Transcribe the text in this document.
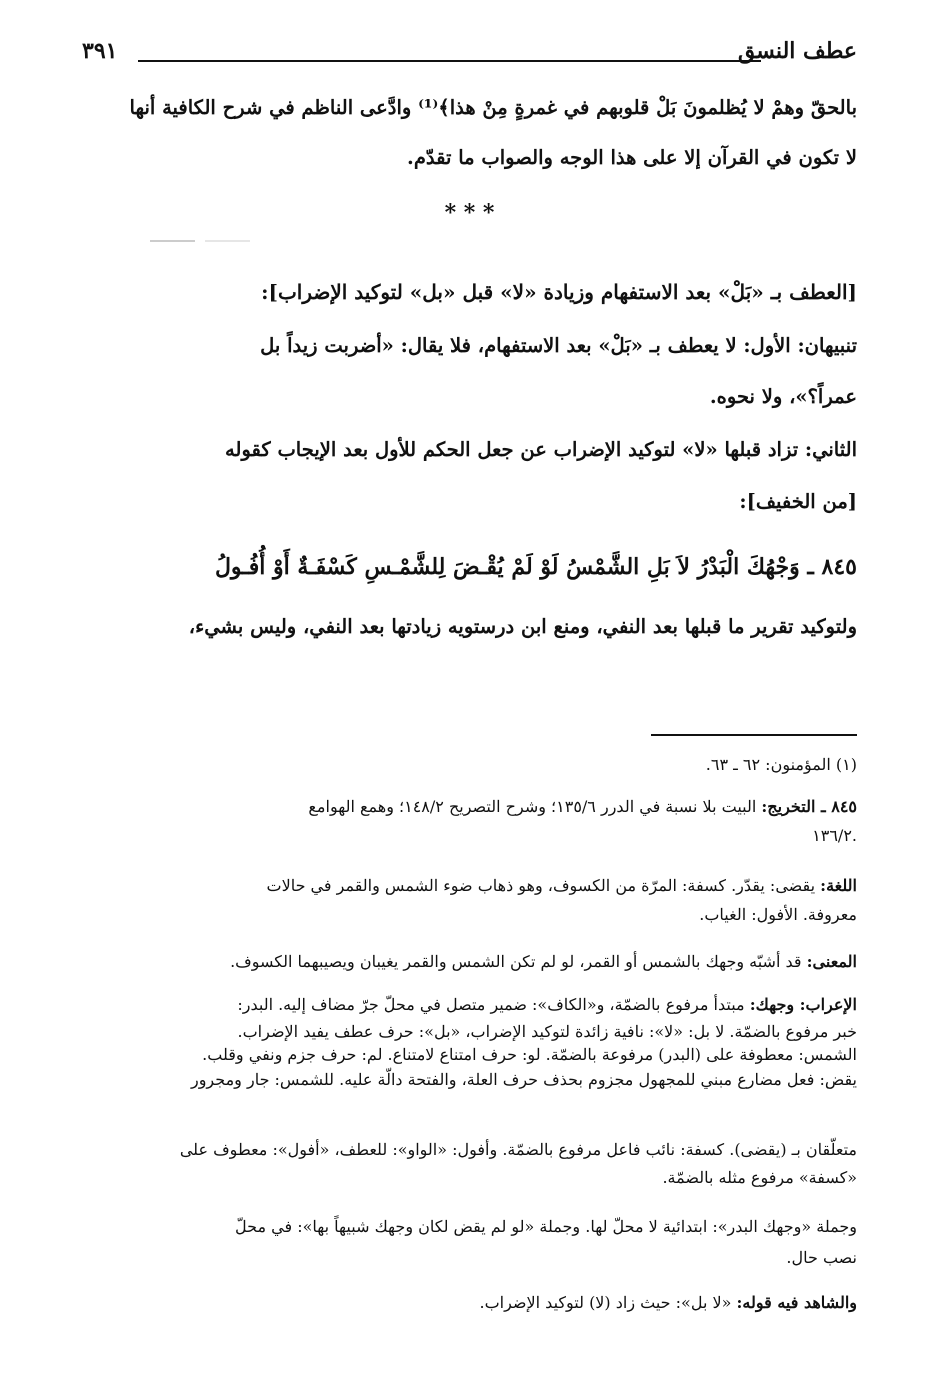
عطف النسق
٣٩١
بالحقّ وهمْ لا يُظلمونَ بَلْ قلوبهم في غمرةٍ مِنْ هذا﴾⁽¹⁾ وادَّعى الناظم في شرح الكافية أنها
لا تكون في القرآن إلا على هذا الوجه والصواب ما تقدّم.
* * *
[العطف بـ «بَلْ» بعد الاستفهام وزيادة «لا» قبل «بل» لتوكيد الإضراب]:
تنبيهان: الأول: لا يعطف بـ «بَلْ» بعد الاستفهام، فلا يقال: «أضربت زيداً بل
عمراً؟»، ولا نحوه.
الثاني: تزاد قبلها «لا» لتوكيد الإضراب عن جعل الحكم للأول بعد الإيجاب كقوله
[من الخفيف]:
٨٤٥ ـ وَجْهُكَ الْبَدْرُ لاَ بَلِ الشَّمْسُ لَوْ لَمْ يُقْـضَ لِلشَّمْـسِ كَسْفَـةٌ أَوْ أُفُـولُ
ولتوكيد تقرير ما قبلها بعد النفي، ومنع ابن درستويه زيادتها بعد النفي، وليس بشيء،
(١) المؤمنون: ٦٢ ـ ٦٣.
٨٤٥ ـ التخريج: البيت بلا نسبة في الدرر ١٣٥/٦؛ وشرح التصريح ١٤٨/٢؛ وهمع الهوامع
١٣٦/٢.
اللغة: يقضى: يقدّر. كسفة: المرّة من الكسوف، وهو ذهاب ضوء الشمس والقمر في حالات
معروفة. الأفول: الغياب.
المعنى: قد أشبّه وجهك بالشمس أو القمر، لو لم تكن الشمس والقمر يغيبان ويصيبهما الكسوف.
الإعراب: وجهك: مبتدأ مرفوع بالضمّة، و«الكاف»: ضمير متصل في محلّ جرّ مضاف إليه. البدر:
خبر مرفوع بالضمّة. لا بل: «لا»: نافية زائدة لتوكيد الإضراب، «بل»: حرف عطف يفيد الإضراب.
الشمس: معطوفة على (البدر) مرفوعة بالضمّة. لو: حرف امتناع لامتناع. لم: حرف جزم ونفي وقلب.
يقض: فعل مضارع مبني للمجهول مجزوم بحذف حرف العلة، والفتحة دالّة عليه. للشمس: جار ومجرور
متعلّقان بـ (يقضى). كسفة: نائب فاعل مرفوع بالضمّة. وأفول: «الواو»: للعطف، «أفول»: معطوف على
«كسفة» مرفوع مثله بالضمّة.
وجملة «وجهك البدر»: ابتدائية لا محلّ لها. وجملة «لو لم يقض لكان وجهك شبيهاً بها»: في محلّ
نصب حال.
والشاهد فيه قوله: «لا بل»: حيث زاد (لا) لتوكيد الإضراب.
